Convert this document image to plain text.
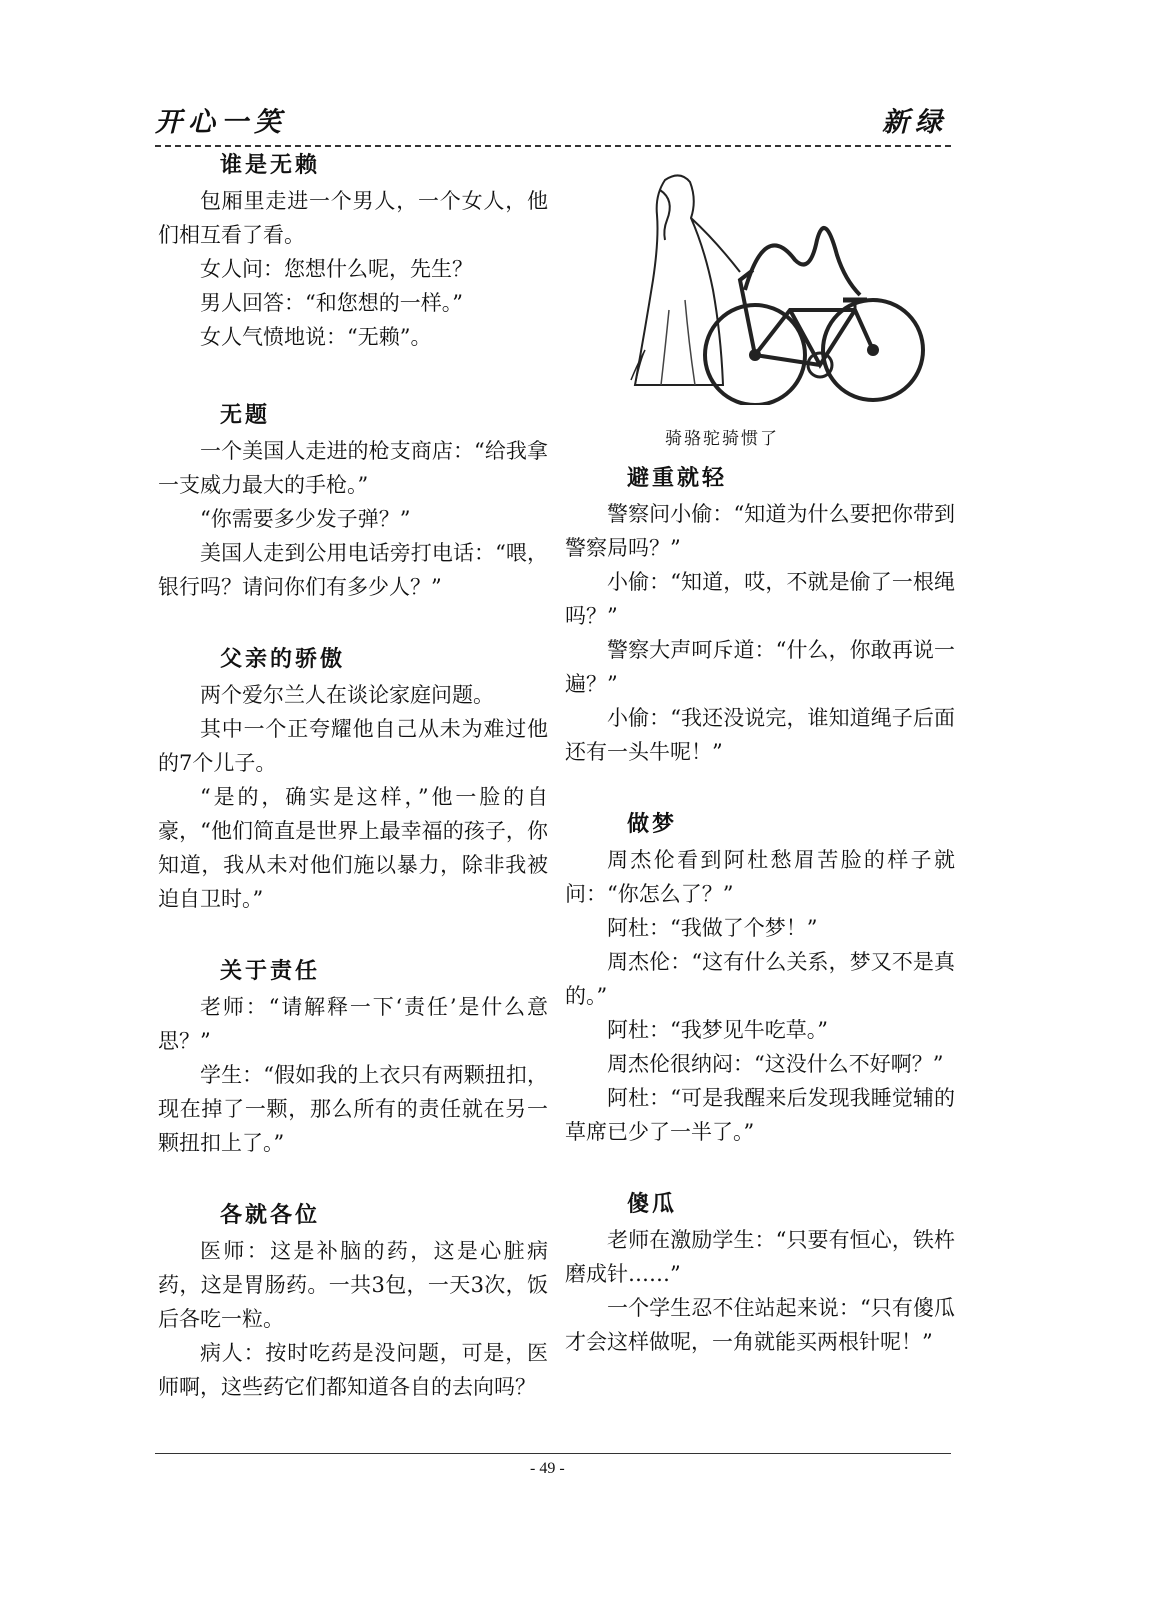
开心一笑	新绿
谁是无赖

包厢里走进一个男人，一个女人，他们相互看了看。

女人问：您想什么呢，先生？

男人回答：“和您想的一样。”

女人气愤地说：“无赖”。

无题

一个美国人走进的枪支商店：“给我拿一支威力最大的手枪。”

“你需要多少发子弹？”

美国人走到公用电话旁打电话：“喂，银行吗？请问你们有多少人？”

父亲的骄傲

两个爱尔兰人在谈论家庭问题。

其中一个正夸耀他自己从未为难过他的7个儿子。

“是的，确实是这样，”他一脸的自豪，“他们简直是世界上最幸福的孩子，你知道，我从未对他们施以暴力，除非我被迫自卫时。”

关于责任

老师：“请解释一下‘责任’是什么意思？”

学生：“假如我的上衣只有两颗扭扣，现在掉了一颗，那么所有的责任就在另一颗扭扣上了。”

各就各位

医师：这是补脑的药，这是心脏病药，这是胃肠药。一共3包，一天3次，饭后各吃一粒。

病人：按时吃药是没问题，可是，医师啊，这些药它们都知道各自的去向吗？

骑骆驼骑惯了
避重就轻

警察问小偷：“知道为什么要把你带到警察局吗？”

小偷：“知道，哎，不就是偷了一根绳吗？”

警察大声呵斥道：“什么，你敢再说一遍？”

小偷：“我还没说完，谁知道绳子后面还有一头牛呢！”

做梦

周杰伦看到阿杜愁眉苦脸的样子就问：“你怎么了？”

阿杜：“我做了个梦！”

周杰伦：“这有什么关系，梦又不是真的。”

阿杜：“我梦见牛吃草。”

周杰伦很纳闷：“这没什么不好啊？”

阿杜：“可是我醒来后发现我睡觉辅的草席已少了一半了。”

傻瓜

老师在激励学生：“只要有恒心，铁杵磨成针……”

一个学生忍不住站起来说：“只有傻瓜才会这样做呢，一角就能买两根针呢！”

- 49 -
